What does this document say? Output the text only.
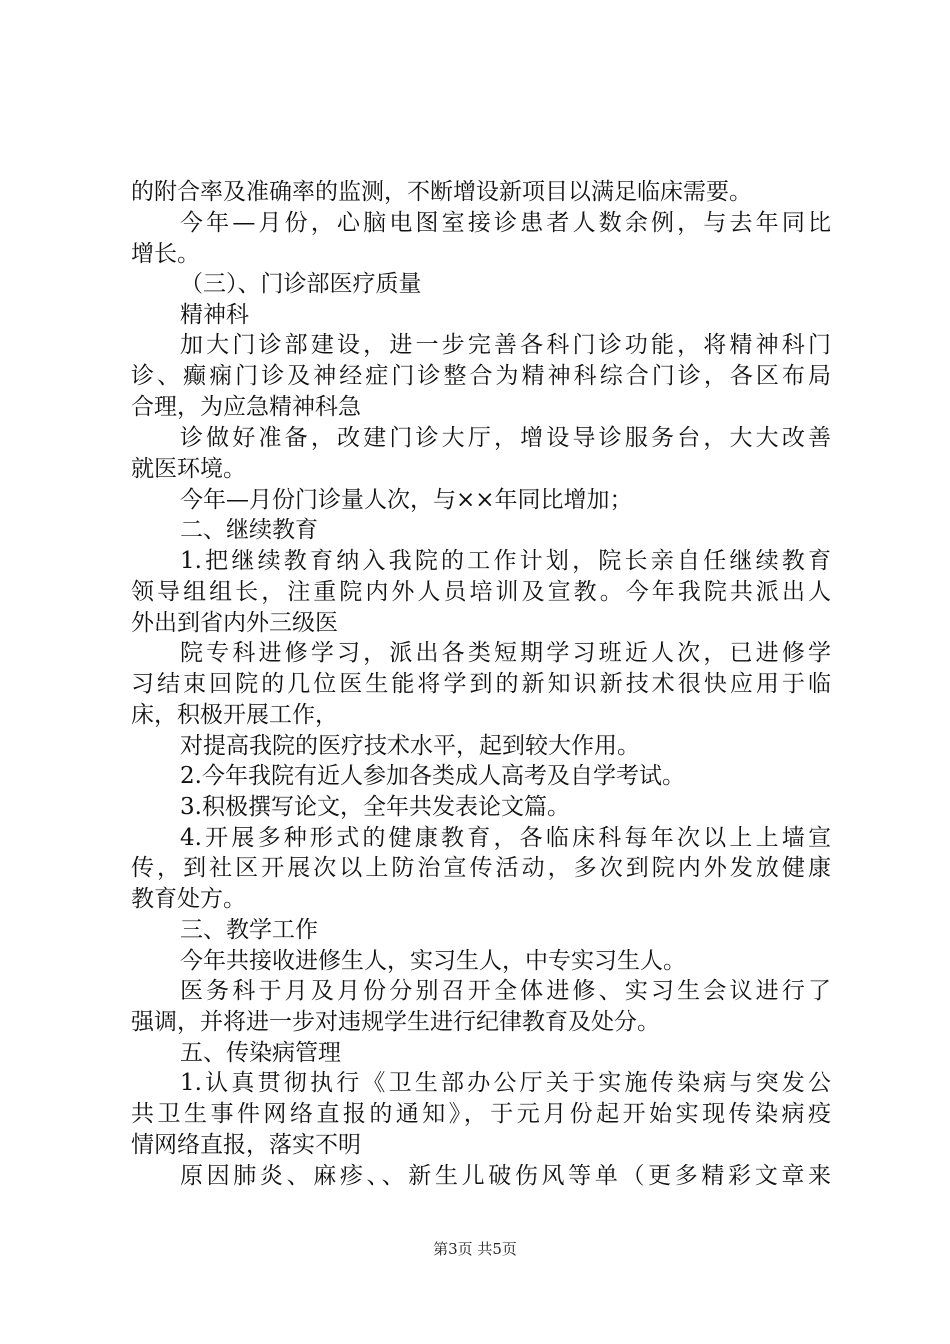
的附合率及准确率的监测，不断增设新项目以满足临床需要。
今年—月份，心脑电图室接诊患者人数余例，与去年同比
增长。
（三）、门诊部医疗质量
精神科
加大门诊部建设，进一步完善各科门诊功能，将精神科门
诊、癫痫门诊及神经症门诊整合为精神科综合门诊，各区布局
合理，为应急精神科急
诊做好准备，改建门诊大厅，增设导诊服务台，大大改善
就医环境。
今年—月份门诊量人次，与××年同比增加；
二、继续教育
1.把继续教育纳入我院的工作计划，院长亲自任继续教育
领导组组长，注重院内外人员培训及宣教。今年我院共派出人
外出到省内外三级医
院专科进修学习，派出各类短期学习班近人次，已进修学
习结束回院的几位医生能将学到的新知识新技术很快应用于临
床，积极开展工作，
对提高我院的医疗技术水平，起到较大作用。
2.今年我院有近人参加各类成人高考及自学考试。
3.积极撰写论文，全年共发表论文篇。
4.开展多种形式的健康教育，各临床科每年次以上上墙宣
传，到社区开展次以上防治宣传活动，多次到院内外发放健康
教育处方。
三、教学工作
今年共接收进修生人，实习生人，中专实习生人。
医务科于月及月份分别召开全体进修、实习生会议进行了
强调，并将进一步对违规学生进行纪律教育及处分。
五、传染病管理
1.认真贯彻执行《卫生部办公厅关于实施传染病与突发公
共卫生事件网络直报的通知》，于元月份起开始实现传染病疫
情网络直报，落实不明
原因肺炎、麻疹、、新生儿破伤风等单（更多精彩文章来
第3页 共5页
